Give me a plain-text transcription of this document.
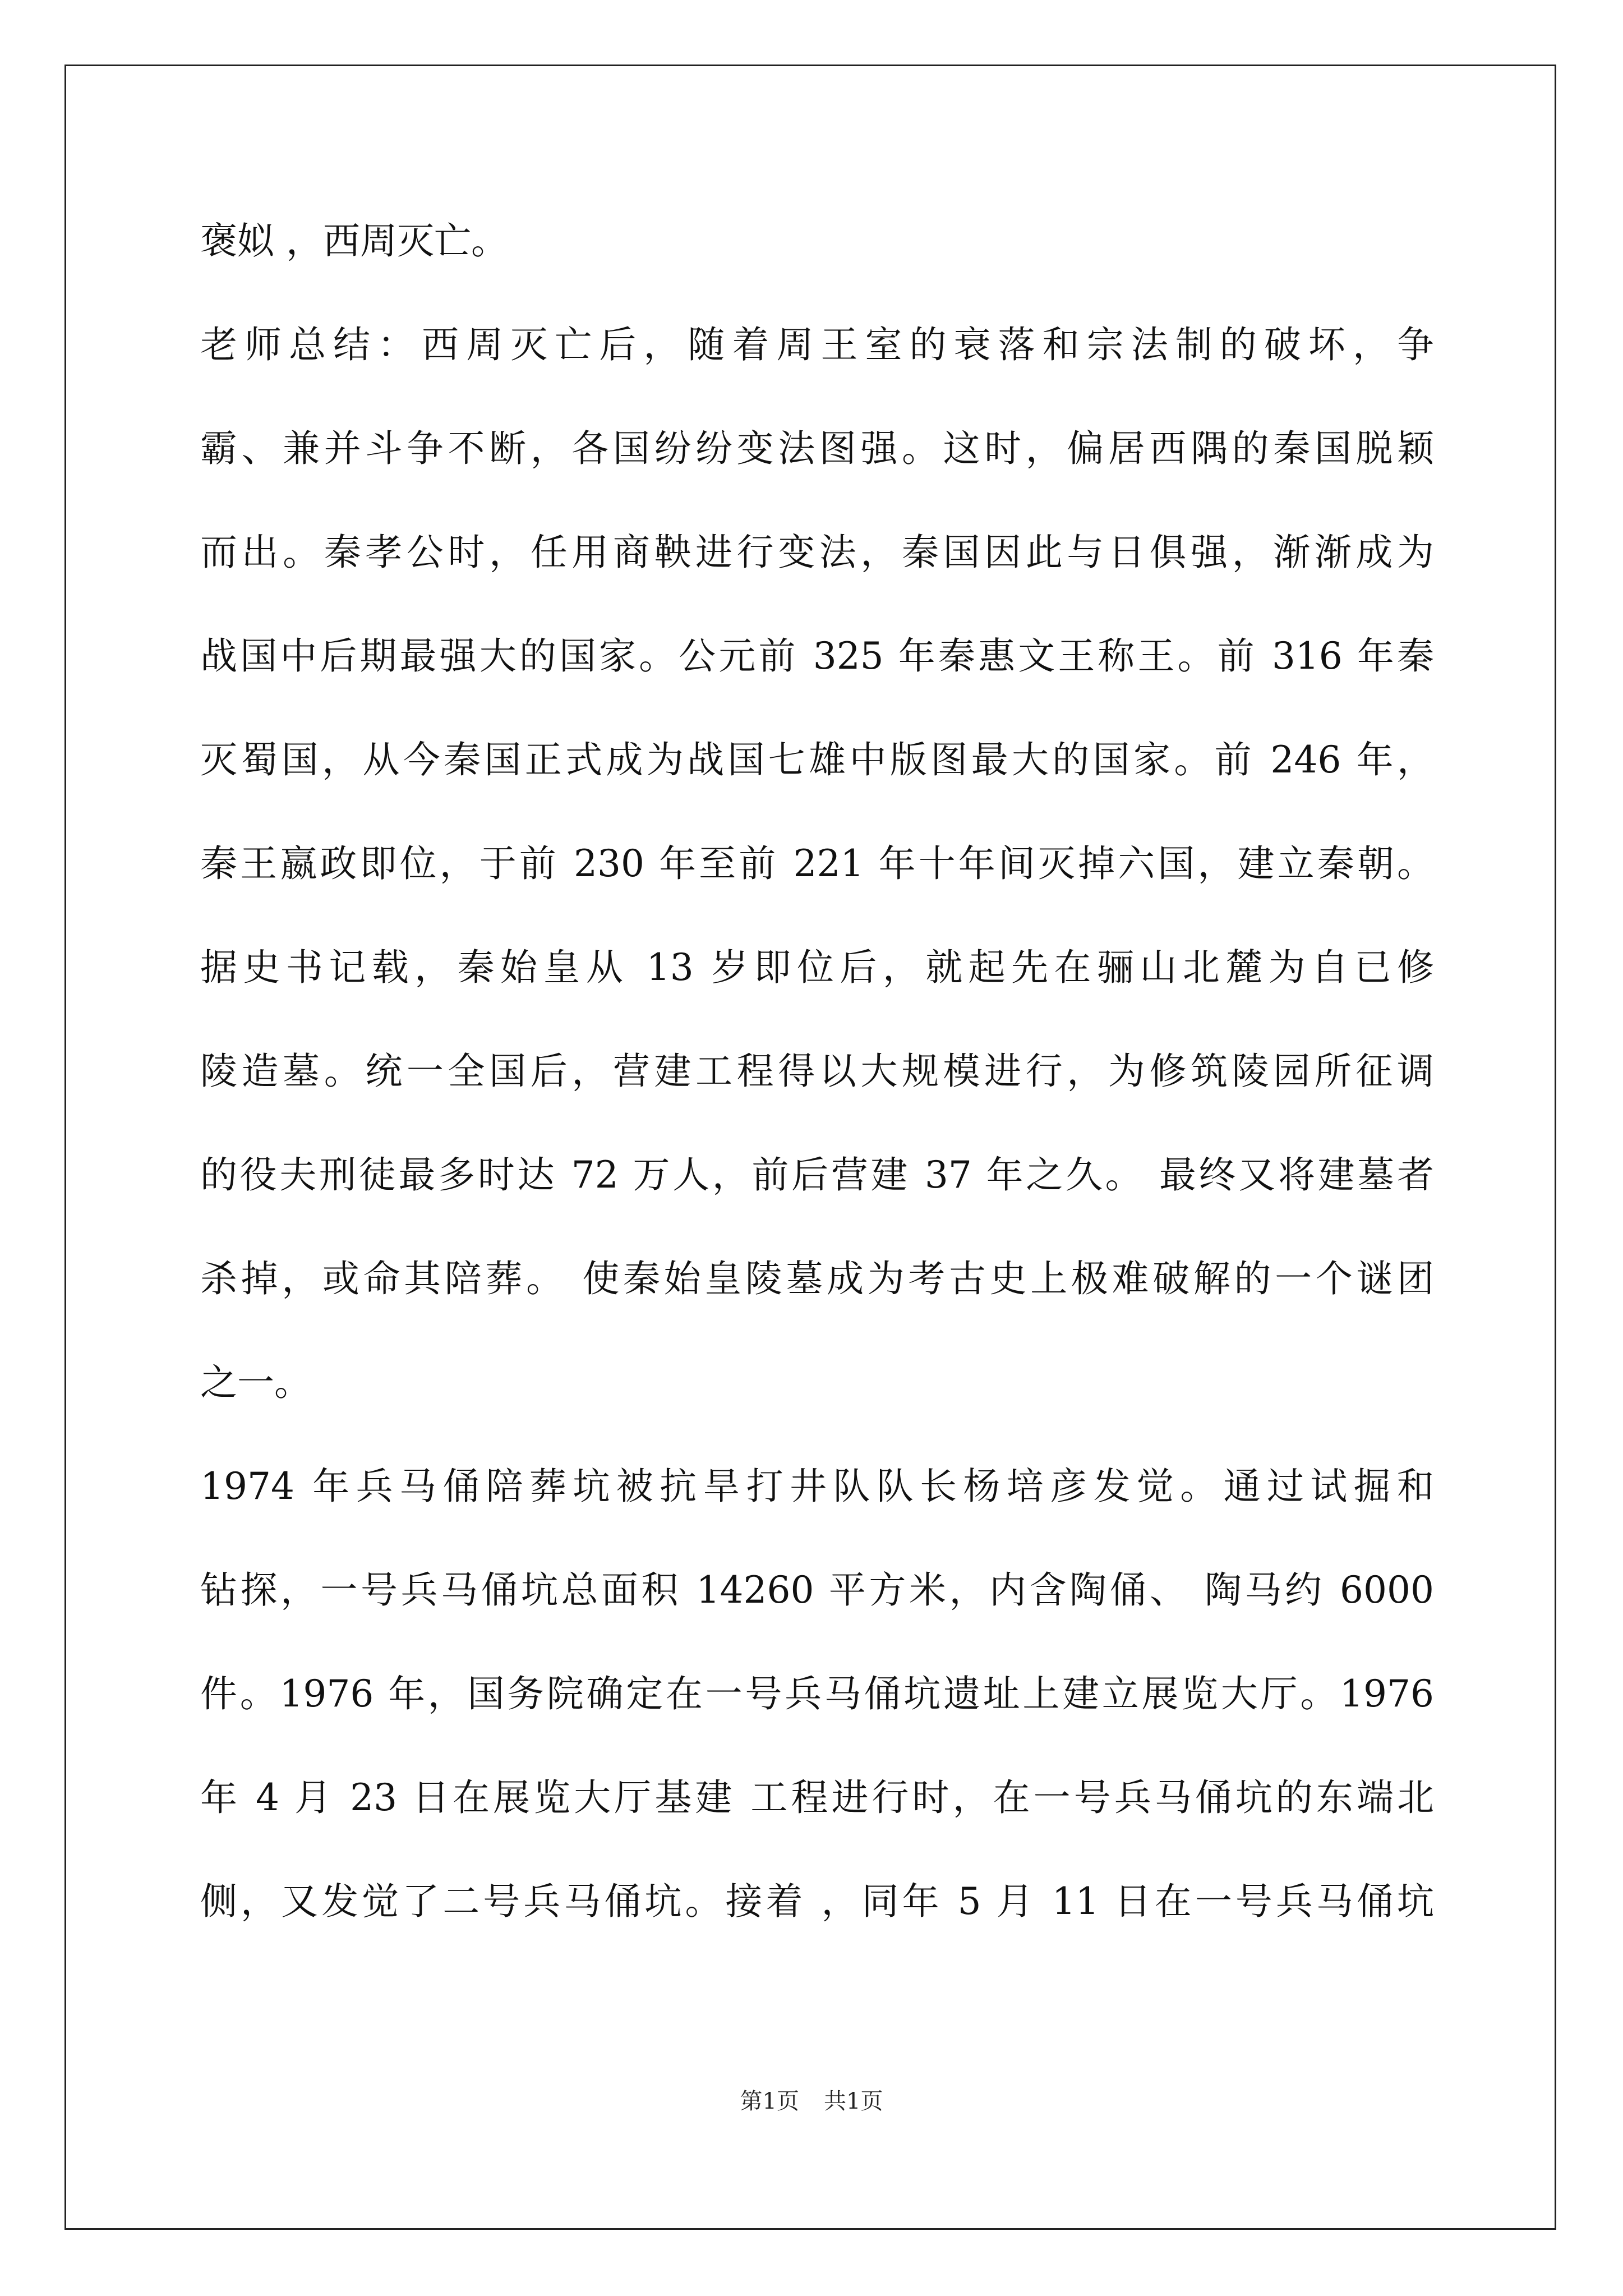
褒姒 ，西周灭亡。
老师总结：西周灭亡后，随着周王室的衰落和宗法制的破坏，争
霸、兼并斗争不断，各国纷纷变法图强。这时，偏居西隅的秦国脱颖
而出。秦孝公时，任用商鞅进行变法，秦国因此与日俱强，渐渐成为
战国中后期最强大的国家。公元前 325 年秦惠文王称王。前 316 年秦
灭蜀国，从今秦国正式成为战国七雄中版图最大的国家。前 246 年，
秦王嬴政即位，于前 230 年至前 221 年十年间灭掉六国，建立秦朝。
据史书记载，秦始皇从 13 岁即位后，就起先在骊山北麓为自已修
陵造墓。统一全国后，营建工程得以大规模进行，为修筑陵园所征调
的役夫刑徒最多时达 72 万人，前后营建 37 年之久。 最终又将建墓者
杀掉，或命其陪葬。 使秦始皇陵墓成为考古史上极难破解的一个谜团
之一。
1974 年兵马俑陪葬坑被抗旱打井队队长杨培彦发觉。通过试掘和
钻探，一号兵马俑坑总面积 14260 平方米，内含陶俑、 陶马约 6000
件。1976 年，国务院确定在一号兵马俑坑遗址上建立展览大厅。1976
年 4 月 23 日在展览大厅基建 工程进行时，在一号兵马俑坑的东端北
侧，又发觉了二号兵马俑坑。接着 ，同年 5 月 11 日在一号兵马俑坑
第1页 共1页
